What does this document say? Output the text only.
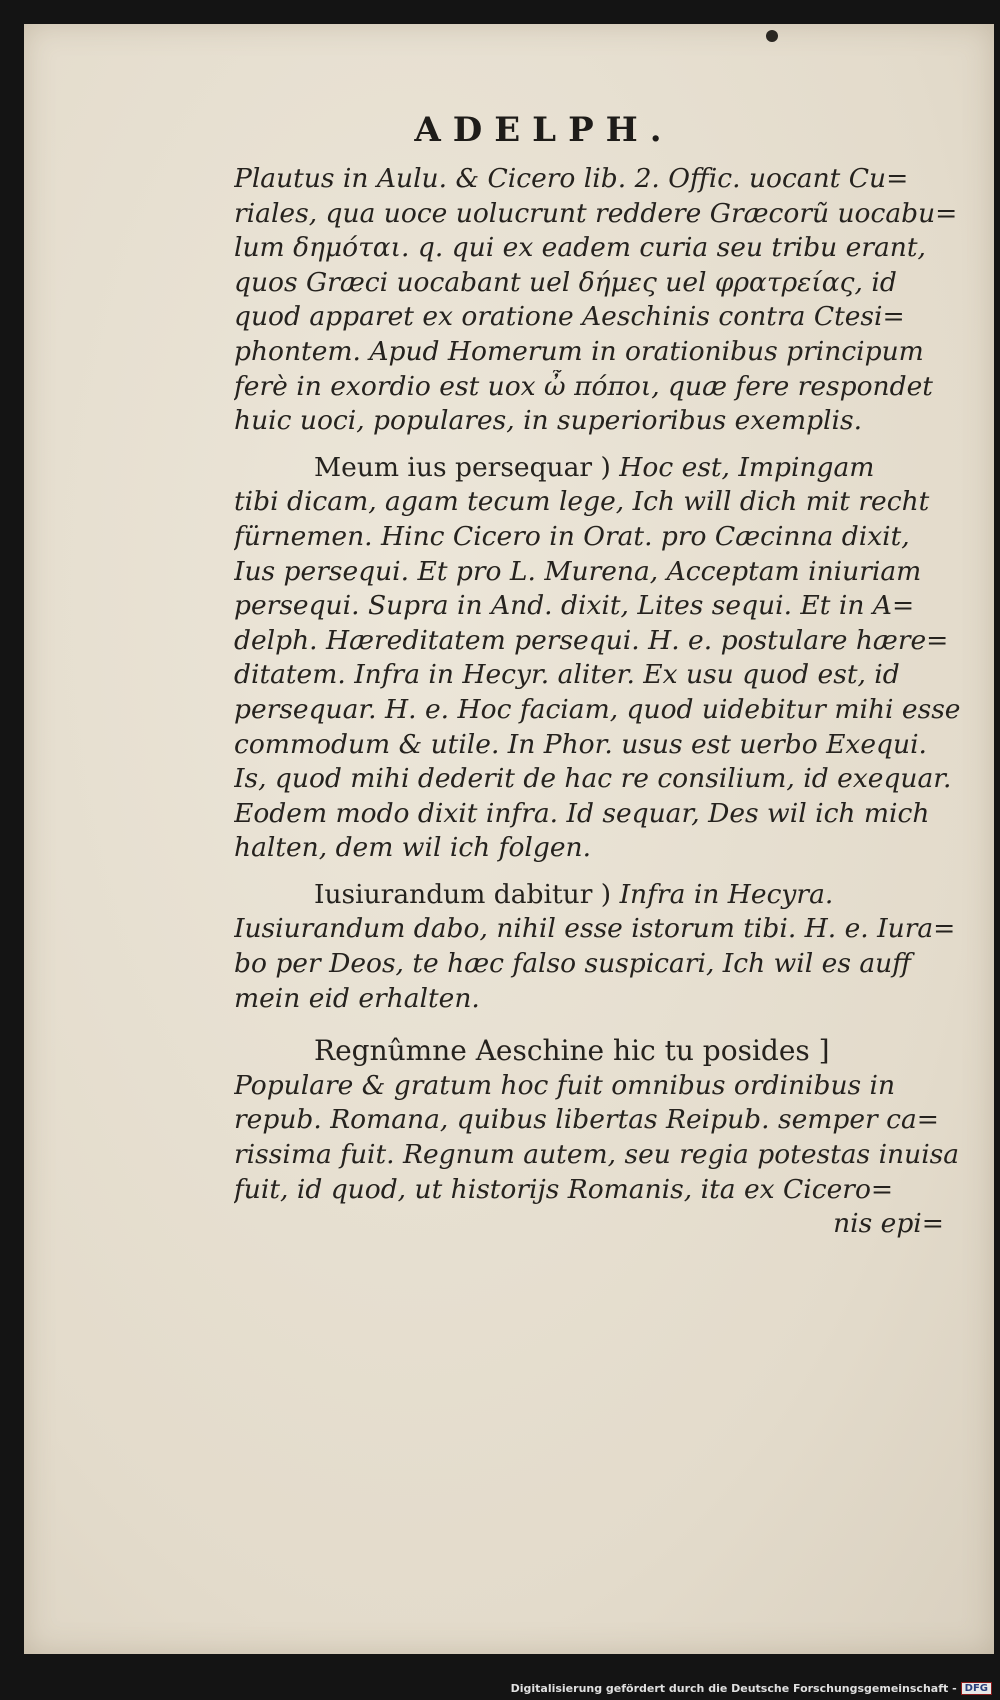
ADELPH.
Plautus in Aulu. & Cicero lib. 2. Offic. uocant Cu=
riales, qua uoce uolucrunt reddere Græcorũ uocabu=
lum δημόται. q. qui ex eadem curia seu tribu erant,
quos Græci uocabant uel δήμες uel φρατρείας, id
quod apparet ex oratione Aeschinis contra Ctesi=
phontem. Apud Homerum in orationibus principum
ferè in exordio est uox ὦ πόποι, quæ fere respondet
huic uoci, populares, in superioribus exemplis.
Meum ius persequar ) Hoc est, Impingam
tibi dicam, agam tecum lege, Ich will dich mit recht
fürnemen. Hinc Cicero in Orat. pro Cæcinna dixit,
Ius persequi. Et pro L. Murena, Acceptam iniuriam
persequi. Supra in And. dixit, Lites sequi. Et in A=
delph. Hæreditatem persequi. H. e. postulare hære=
ditatem. Infra in Hecyr. aliter. Ex usu quod est, id
persequar. H. e. Hoc faciam, quod uidebitur mihi esse
commodum & utile. In Phor. usus est uerbo Exequi.
Is, quod mihi dederit de hac re consilium, id exequar.
Eodem modo dixit infra. Id sequar, Des wil ich mich
halten, dem wil ich folgen.
Iusiurandum dabitur ) Infra in Hecyra.
Iusiurandum dabo, nihil esse istorum tibi. H. e. Iura=
bo per Deos, te hæc falso suspicari, Ich wil es auff
mein eid erhalten.
Regnûmne Aeschine hic tu posides ]
Populare & gratum hoc fuit omnibus ordinibus in
repub. Romana, quibus libertas Reipub. semper ca=
rissima fuit. Regnum autem, seu regia potestas inuisa
fuit, id quod, ut historijs Romanis, ita ex Cicero=
nis epi=
Digitalisierung gefördert durch die Deutsche Forschungsgemeinschaft - DFG
